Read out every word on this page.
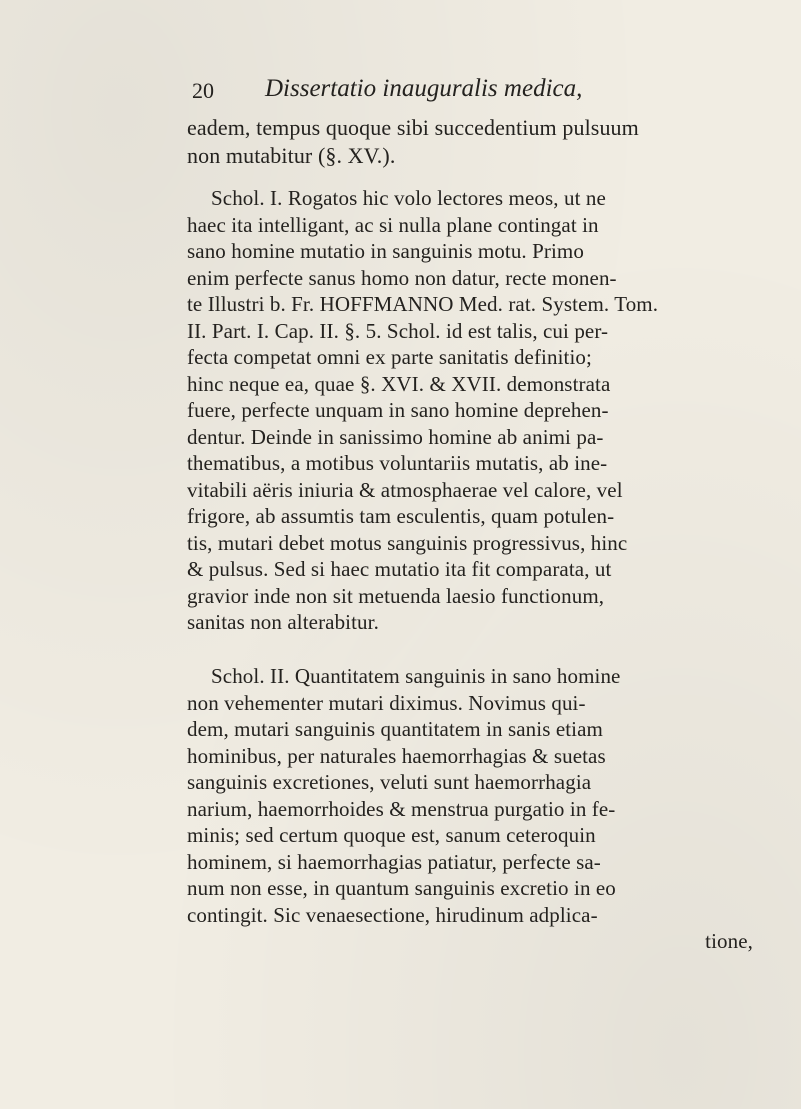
20 Dissertatio inauguralis medica,
eadem, tempus quoque sibi succedentium pulsuum
non mutabitur (§. XV.).
Schol. I. Rogatos hic volo lectores meos, ut ne
haec ita intelligant, ac si nulla plane contingat in
sano homine mutatio in sanguinis motu. Primo
enim perfecte sanus homo non datur, recte monen-
te Illustri b. Fr. HOFFMANNO Med. rat. System. Tom.
II. Part. I. Cap. II. §. 5. Schol. id est talis, cui per-
fecta competat omni ex parte sanitatis definitio;
hinc neque ea, quae §. XVI. & XVII. demonstrata
fuere, perfecte unquam in sano homine deprehen-
dentur. Deinde in sanissimo homine ab animi pa-
thematibus, a motibus voluntariis mutatis, ab ine-
vitabili aëris iniuria & atmosphaerae vel calore, vel
frigore, ab assumtis tam esculentis, quam potulen-
tis, mutari debet motus sanguinis progressivus, hinc
& pulsus. Sed si haec mutatio ita fit comparata, ut
gravior inde non sit metuenda laesio functionum,
sanitas non alterabitur.
Schol. II. Quantitatem sanguinis in sano homine
non vehementer mutari diximus. Novimus qui-
dem, mutari sanguinis quantitatem in sanis etiam
hominibus, per naturales haemorrhagias & suetas
sanguinis excretiones, veluti sunt haemorrhagia
narium, haemorrhoides & menstrua purgatio in fe-
minis; sed certum quoque est, sanum ceteroquin
hominem, si haemorrhagias patiatur, perfecte sa-
num non esse, in quantum sanguinis excretio in eo
contingit. Sic venaesectione, hirudinum adplica-
tione,
